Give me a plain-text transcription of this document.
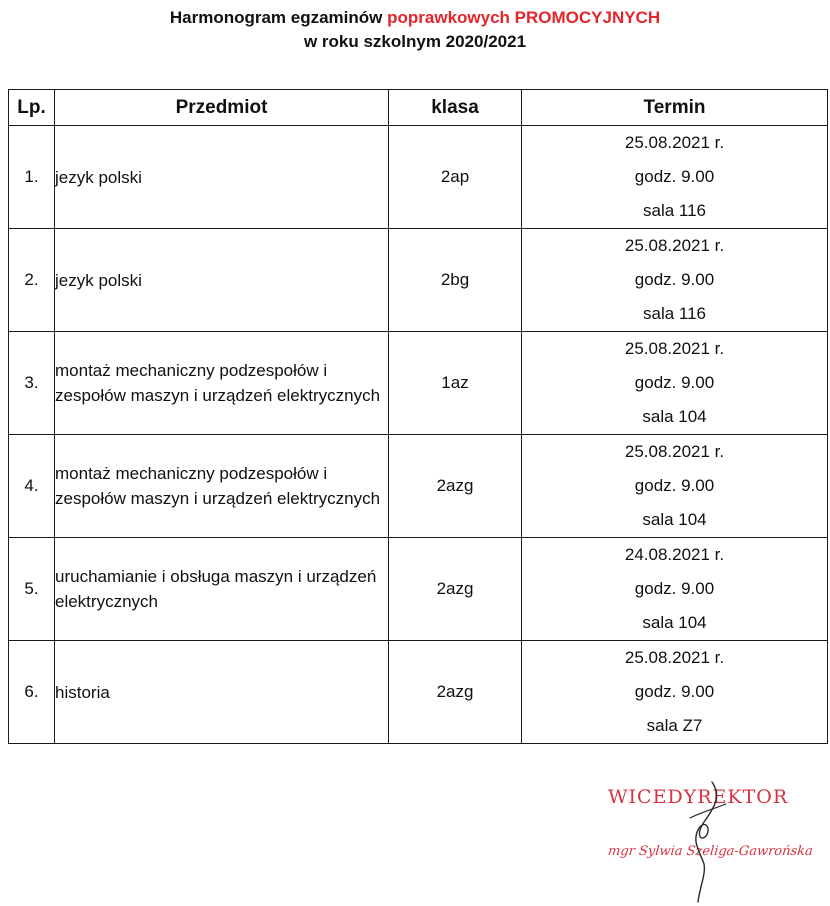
Harmonogram egzaminów poprawkowych PROMOCYJNYCH
w roku szkolnym 2020/2021
Lp.	Przedmiot	klasa	Termin
1.	jezyk polski	2ap	25.08.2021 r.
godz. 9.00
sala 116

2.	jezyk polski	2bg	25.08.2021 r.
godz. 9.00
sala 116

3.	montaż mechaniczny podzespołów i zespołów maszyn i urządzeń elektrycznych	1az	25.08.2021 r.
godz. 9.00
sala 104

4.	montaż mechaniczny podzespołów i zespołów maszyn i urządzeń elektrycznych	2azg	25.08.2021 r.
godz. 9.00
sala 104

5.	uruchamianie i obsługa maszyn i urządzeń elektrycznych	2azg	24.08.2021 r.
godz. 9.00
sala 104

6.	historia	2azg	25.08.2021 r.
godz. 9.00
sala Z7
WICEDYREKTOR
mgr Sylwia Szeliga-Gawrońska
